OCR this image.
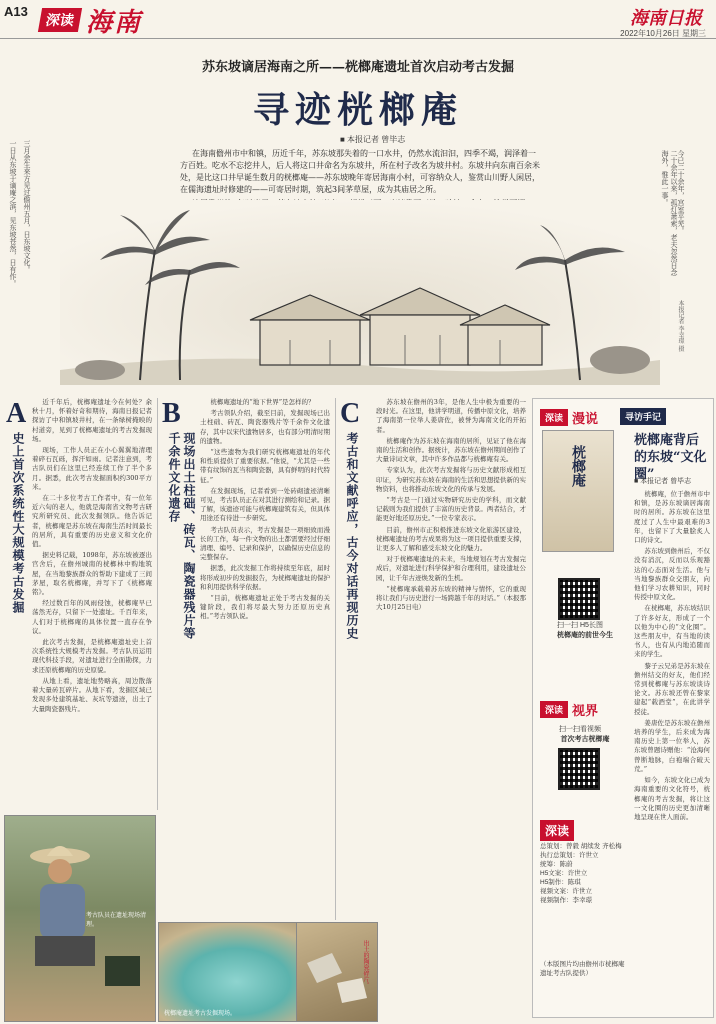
A13
深读 海南	海南日报
2022年10月26日 星期三
苏东坡谪居海南之所——桄榔庵遗址首次启动考古发掘
寻迹桄榔庵
■ 本报记者 曾毕志

在海南儋州市中和镇，历近千年，苏东坡那失着的一口水井，仍然水流汩汩，四季不竭，润泽着一方百姓。吃水不忘挖井人，后人将这口井命名为东坡井，所在村子改名为坡井村。东坡井向东南百余米处，是比这口井早诞生数月的桄榔庵——苏东坡晚年寄居海南小村，可容纳众人，鉴赏山川野人闲居，在儒海遗址时修建的——可寄居时期，筑起3间茅草屋，成为其庙居之所。

一日从东坡于谪庵之滨，见东坡苍然，日有作。 三月余生来方见过儋州五月，日东坡文化。	二十余年以来，孤灯萧索，老夫忽然日念海外，惟此一事。	今已二十余年，宫室平芜。
本报记者 李幸璟 摄
A
史上首次系统性大规模考古发掘

近千年后，桄榔庵遗址今在何处？余秋十月，怀着好奇和期待，海南日报记者探访了中和镇坡井村，在一条绿树掩映的村道旁，见到了桄榔庵遗址的考古发掘现场。

现场，工作人员正在小心翼翼地清理着碎石瓦砾，挥汗如雨。记者注意到，考古队员们在这里已经连续工作了半个多月。据悉，此次考古发掘面积约300平方米。

在二十多位考古工作者中，有一位年近六旬的老人，他就是海南省文物考古研究所研究员、此次发掘领队。他告诉记者，桄榔庵是苏东坡在海南生活时间最长的居所，具有重要的历史意义和文化价值。

据史料记载，1098年，苏东坡被逐出官舍后，在儋州城南的桄榔林中购地筑屋，在当地黎族群众的帮助下建成了三间茅屋，取名桄榔庵，并写下了《桄榔庵铭》。

经过数百年的风雨侵蚀，桄榔庵早已荡然无存，只留下一处遗址。千百年来，人们对于桄榔庵的具体位置一直存在争议。

此次考古发掘，是桄榔庵遗址史上首次系统性大规模考古发掘。考古队员运用现代科技手段，对遗址进行全面勘探，力求还原桄榔庵的历史原貌。

从地上看，遗址地势略高，周边散落着大量砖瓦碎片。从地下看，发掘区域已发现多处建筑基址、灰坑等遗迹，出土了大量陶瓷器残片。

B
现场出土柱础、砖瓦、陶瓷器残片等千余件文化遗存

桄榔庵遗址的“地下世界”是怎样的？

考古领队介绍，截至目前，发掘现场已出土柱础、砖瓦、陶瓷器残片等千余件文化遗存，其中以宋代遗物居多，也有部分明清时期的遗物。

“这些遗物为我们研究桄榔庵遗址的年代和性质提供了重要依据。”他说，“尤其是一些带有纹饰的瓦当和陶瓷器，具有鲜明的时代特征。”

在发掘现场，记者看到一处砖砌遗迹清晰可见，考古队员正在对其进行测绘和记录。据了解，该遗迹可能与桄榔庵建筑有关，但具体用途还有待进一步研究。

考古队员表示，考古发掘是一项细致而漫长的工作，每一件文物的出土都需要经过仔细清理、编号、记录和保护，以确保历史信息的完整保存。

据悉，此次发掘工作将持续至年底，届时将形成初步的发掘报告，为桄榔庵遗址的保护和利用提供科学依据。

“目前，桄榔庵遗址正处于考古发掘的关键阶段，我们将尽最大努力还原历史真相。”考古领队说。

C
考古和文献呼应，古今对话再现历史

苏东坡在儋州的3年，是他人生中极为重要的一段时光。在这里，他讲学明道，传播中原文化，培养了海南第一位举人姜唐佐，被誉为海南文化的开拓者。

桄榔庵作为苏东坡在海南的居所，见证了他在海南的生活和创作。据统计，苏东坡在儋州期间创作了大量诗词文章，其中许多作品都与桄榔庵有关。

专家认为，此次考古发掘将与历史文献形成相互印证，为研究苏东坡在海南的生活和思想提供新的实物资料，也将推动东坡文化的传承与发展。

“考古是一门通过实物研究历史的学科，而文献记载则为我们提供了丰富的历史背景。两者结合，才能更好地还原历史。”一位专家表示。

目前，儋州市正积极推进东坡文化旅游区建设，桄榔庵遗址的考古成果将为这一项目提供重要支撑，让更多人了解和感受东坡文化的魅力。

对于桄榔庵遗址的未来，当地规划在考古发掘完成后，对遗址进行科学保护和合理利用，建设遗址公园，让千年古迹焕发新的生机。

“桄榔庵承载着苏东坡的精神与情怀，它的重现将让我们与历史进行一场跨越千年的对话。”（本报那大10月25日电）

考古队员在遗址现场清理。
桄榔庵遗址考古发掘现场。
出土的陶瓷碎片。
深读 漫说
桄榔庵
寻访手记
扫一扫 H5长图
桄榔庵的前世今生
深读 视界
扫一扫看视频
首次考古桄榔庵
深读
总策划：曾毅 胡续发 齐松梅
执行总策划：许世立
统筹：陈蔚
H5文案：许世立
H5制作：陈琪
视频文案：许世立
视频制作：李幸璟
（本版图片均由儋州市桄榔庵遗址考古队提供）
桄榔庵背后的东坡“文化圈”
■ 本报记者 曾毕志

桄榔庵，位于儋州市中和镇，是苏东坡谪居海南时的居所。苏东坡在这里度过了人生中最艰难的3年，也留下了大量脍炙人口的诗文。

苏东坡到儋州后，不仅没有消沉，反而以乐观豁达的心态面对生活。他与当地黎族群众交朋友，向他们学习农耕知识，同时传授中原文化。

在桄榔庵，苏东坡结识了许多好友，形成了一个以他为中心的“文化圈”。这些朋友中，有当地的读书人，也有从内地追随而来的学生。

黎子云兄弟是苏东坡在儋州结交的好友，他们经常到桄榔庵与苏东坡谈诗论文。苏东坡还曾在黎家建起“载酒堂”，在此讲学授徒。

姜唐佐是苏东坡在儋州培养的学生，后来成为海南历史上第一位举人，苏东坡曾题诗赠他：“沧海何曾断地脉，白袍端合破天荒。”

如今，东坡文化已成为海南重要的文化符号，桄榔庵的考古发掘，将让这一文化圈的历史更加清晰地呈现在世人面前。
